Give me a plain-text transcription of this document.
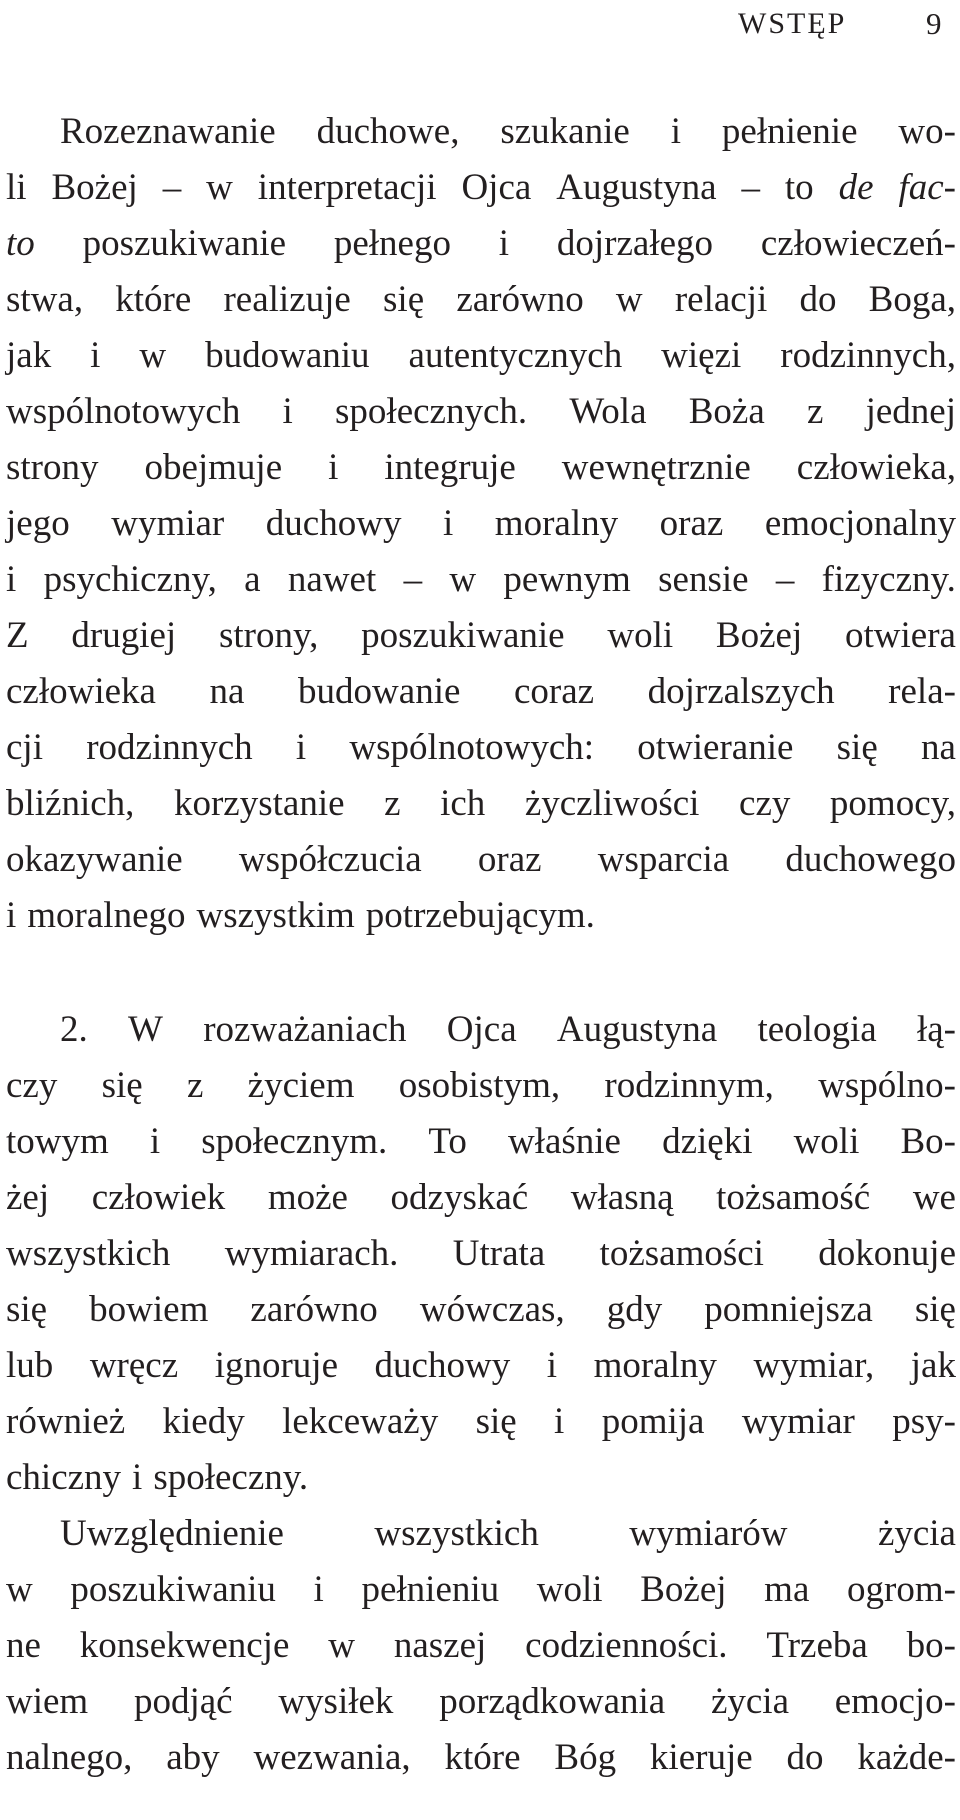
WSTĘP	9
Rozeznawanie duchowe, szukanie i pełnienie wo-
li Bożej – w interpretacji Ojca Augustyna – to de fac-
to poszukiwanie pełnego i dojrzałego człowieczeń-
stwa, które realizuje się zarówno w relacji do Boga,
jak i w budowaniu autentycznych więzi rodzinnych,
wspólnotowych i społecznych. Wola Boża z jednej
strony obejmuje i integruje wewnętrznie człowieka,
jego wymiar duchowy i moralny oraz emocjonalny
i psychiczny, a nawet – w pewnym sensie – fizyczny.
Z drugiej strony, poszukiwanie woli Bożej otwiera
człowieka na budowanie coraz dojrzalszych rela-
cji rodzinnych i wspólnotowych: otwieranie się na
bliźnich, korzystanie z ich życzliwości czy pomocy,
okazywanie współczucia oraz wsparcia duchowego
i moralnego wszystkim potrzebującym.
2. W rozważaniach Ojca Augustyna teologia łą-
czy się z życiem osobistym, rodzinnym, wspólno-
towym i społecznym. To właśnie dzięki woli Bo-
żej człowiek może odzyskać własną tożsamość we
wszystkich wymiarach. Utrata tożsamości dokonuje
się bowiem zarówno wówczas, gdy pomniejsza się
lub wręcz ignoruje duchowy i moralny wymiar, jak
również kiedy lekceważy się i pomija wymiar psy-
chiczny i społeczny.
Uwzględnienie wszystkich wymiarów życia
w poszukiwaniu i pełnieniu woli Bożej ma ogrom-
ne konsekwencje w naszej codzienności. Trzeba bo-
wiem podjąć wysiłek porządkowania życia emocjo-
nalnego, aby wezwania, które Bóg kieruje do każde-
